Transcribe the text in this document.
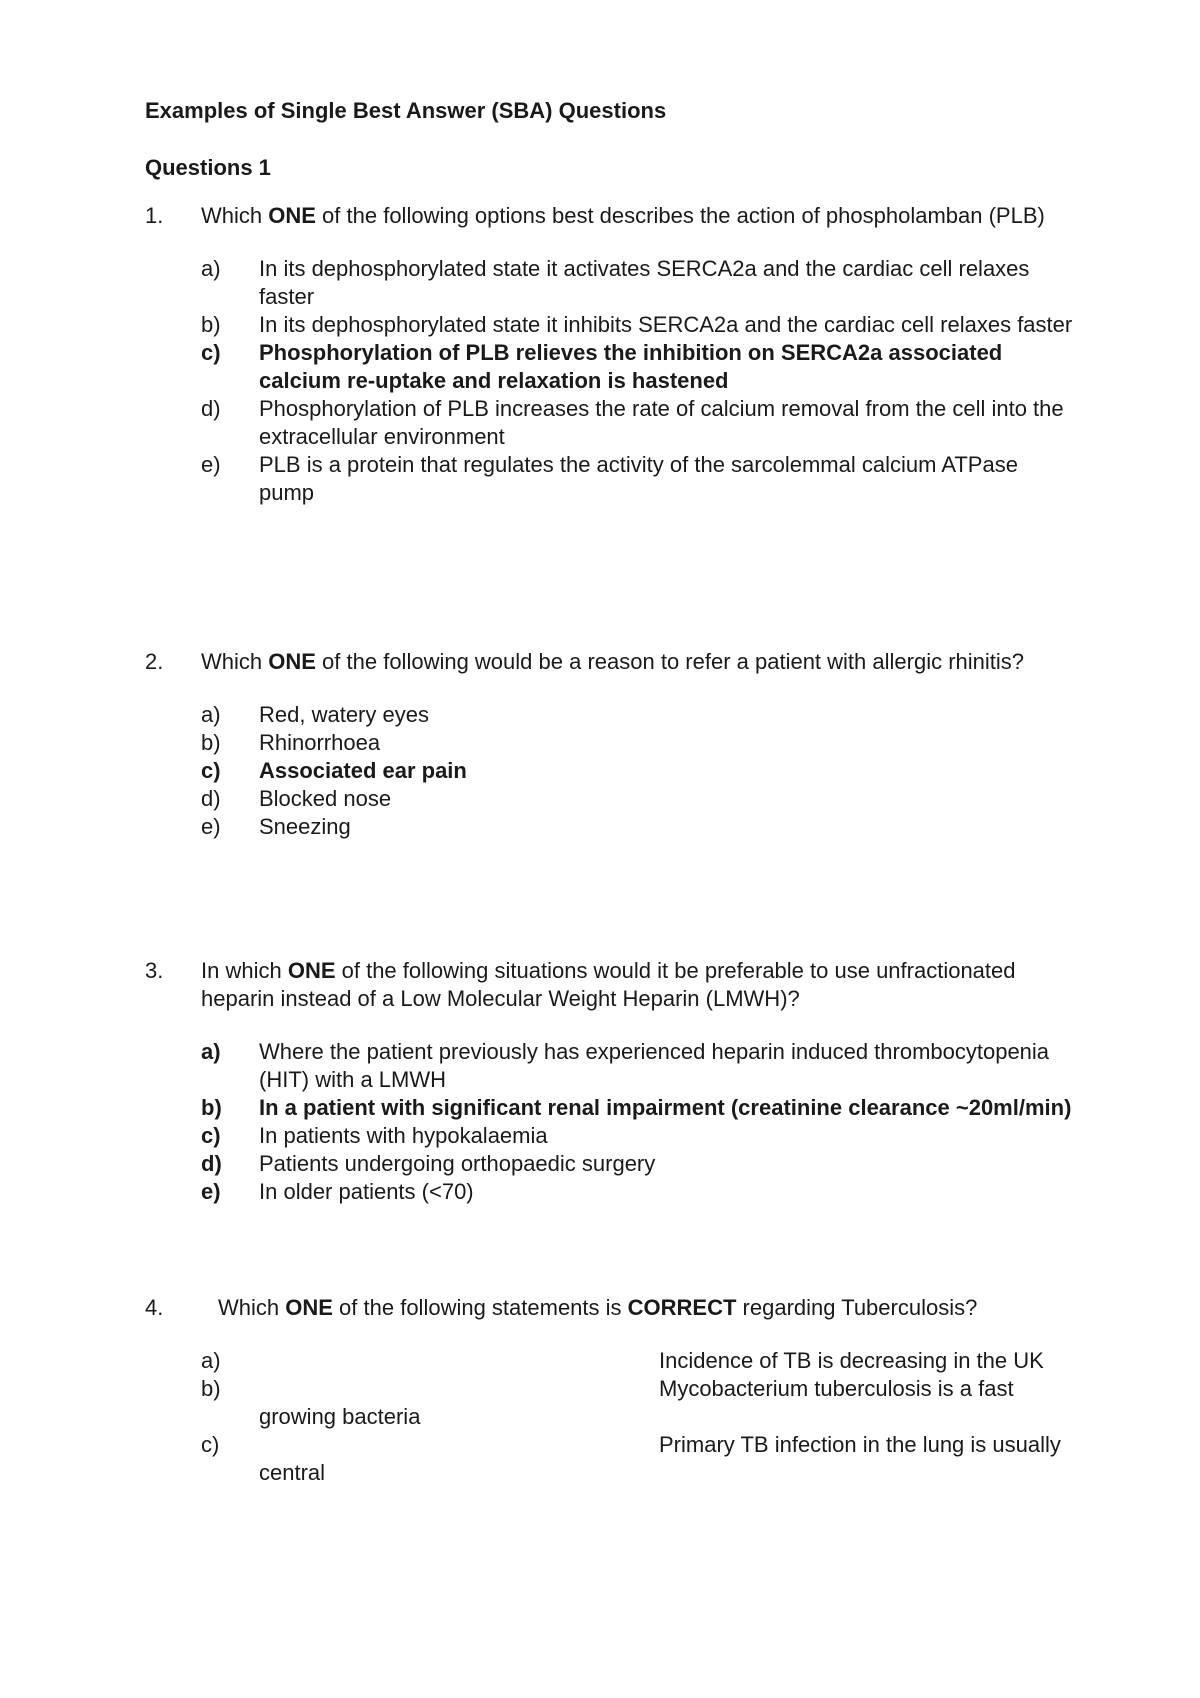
Examples of Single Best Answer (SBA) Questions
Questions 1
1. Which ONE of the following options best describes the action of phospholamban (PLB)
a)	In its dephosphorylated state it activates SERCA2a and the cardiac cell relaxes faster
b)	In its dephosphorylated state it inhibits SERCA2a and the cardiac cell relaxes faster
c)	Phosphorylation of PLB relieves the inhibition on SERCA2a associated calcium re-uptake and relaxation is hastened
d)	Phosphorylation of PLB increases the rate of calcium removal from the cell into the extracellular environment
e)	PLB is a protein that regulates the activity of the sarcolemmal calcium ATPase pump
2. Which ONE of the following would be a reason to refer a patient with allergic rhinitis?
a)	Red, watery eyes
b)	Rhinorrhoea
c)	Associated ear pain
d)	Blocked nose
e)	Sneezing
3. In which ONE of the following situations would it be preferable to use unfractionated heparin instead of a Low Molecular Weight Heparin (LMWH)?
a)	Where the patient previously has experienced heparin induced thrombocytopenia (HIT) with a LMWH
b)	In a patient with significant renal impairment (creatinine clearance ~20ml/min)
c)	In patients with hypokalaemia
d)	Patients undergoing orthopaedic surgery
e)	In older patients (<70)
4. Which ONE of the following statements is CORRECT regarding Tuberculosis?
a)	Incidence of TB is decreasing in the UK
b)	Mycobacterium tuberculosis is a fast growing bacteria
c)	Primary TB infection in the lung is usually central
